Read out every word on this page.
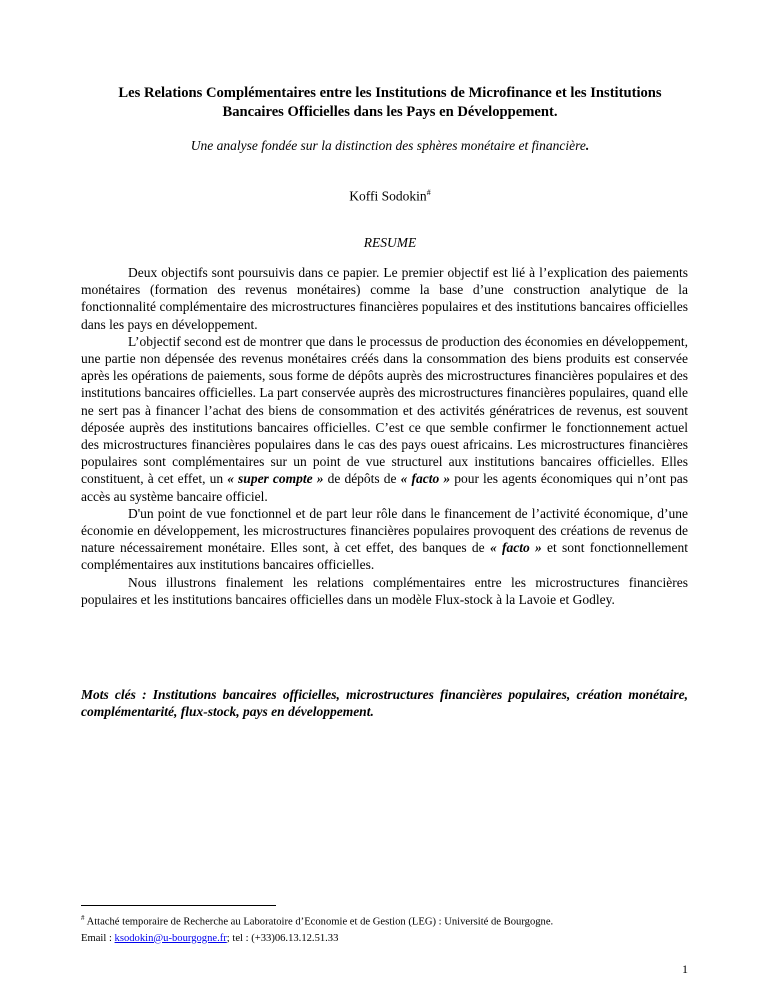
Les Relations Complémentaires entre les Institutions de Microfinance et les Institutions Bancaires Officielles dans les Pays en Développement.
Une analyse fondée sur la distinction des sphères monétaire et financière.
Koffi Sodokin#
RESUME

Deux objectifs sont poursuivis dans ce papier. Le premier objectif est lié à l’explication des paiements monétaires (formation des revenus monétaires) comme la base d’une construction analytique de la fonctionnalité complémentaire des microstructures financières populaires et des institutions bancaires officielles dans les pays en développement.

L’objectif second est de montrer que dans le processus de production des économies en développement, une partie non dépensée des revenus monétaires créés dans la consommation des biens produits est conservée après les opérations de paiements, sous forme de dépôts auprès des microstructures financières populaires et des institutions bancaires officielles. La part conservée auprès des microstructures financières populaires, quand elle ne sert pas à financer l’achat des biens de consommation et des activités génératrices de revenus, est souvent déposée auprès des institutions bancaires officielles. C’est ce que semble confirmer le fonctionnement actuel des microstructures financières populaires dans le cas des pays ouest africains. Les microstructures financières populaires sont complémentaires sur un point de vue structurel aux institutions bancaires officielles. Elles constituent, à cet effet, un « super compte » de dépôts de « facto » pour les agents économiques qui n’ont pas accès au système bancaire officiel.

D'un point de vue fonctionnel et de part leur rôle dans le financement de l’activité économique, d’une économie en développement, les microstructures financières populaires provoquent des créations de revenus de nature nécessairement monétaire. Elles sont, à cet effet, des banques de « facto » et sont fonctionnellement complémentaires aux institutions bancaires officielles.

Nous illustrons finalement les relations complémentaires entre les microstructures financières populaires et les institutions bancaires officielles dans un modèle Flux-stock à la Lavoie et Godley.

Mots clés : Institutions bancaires officielles, microstructures financières populaires, création monétaire, complémentarité, flux-stock, pays en développement.
# Attaché temporaire de Recherche au Laboratoire d’Economie et de Gestion (LEG) : Université de Bourgogne.
Email : ksodokin@u-bourgogne.fr; tel : (+33)06.13.12.51.33
1
